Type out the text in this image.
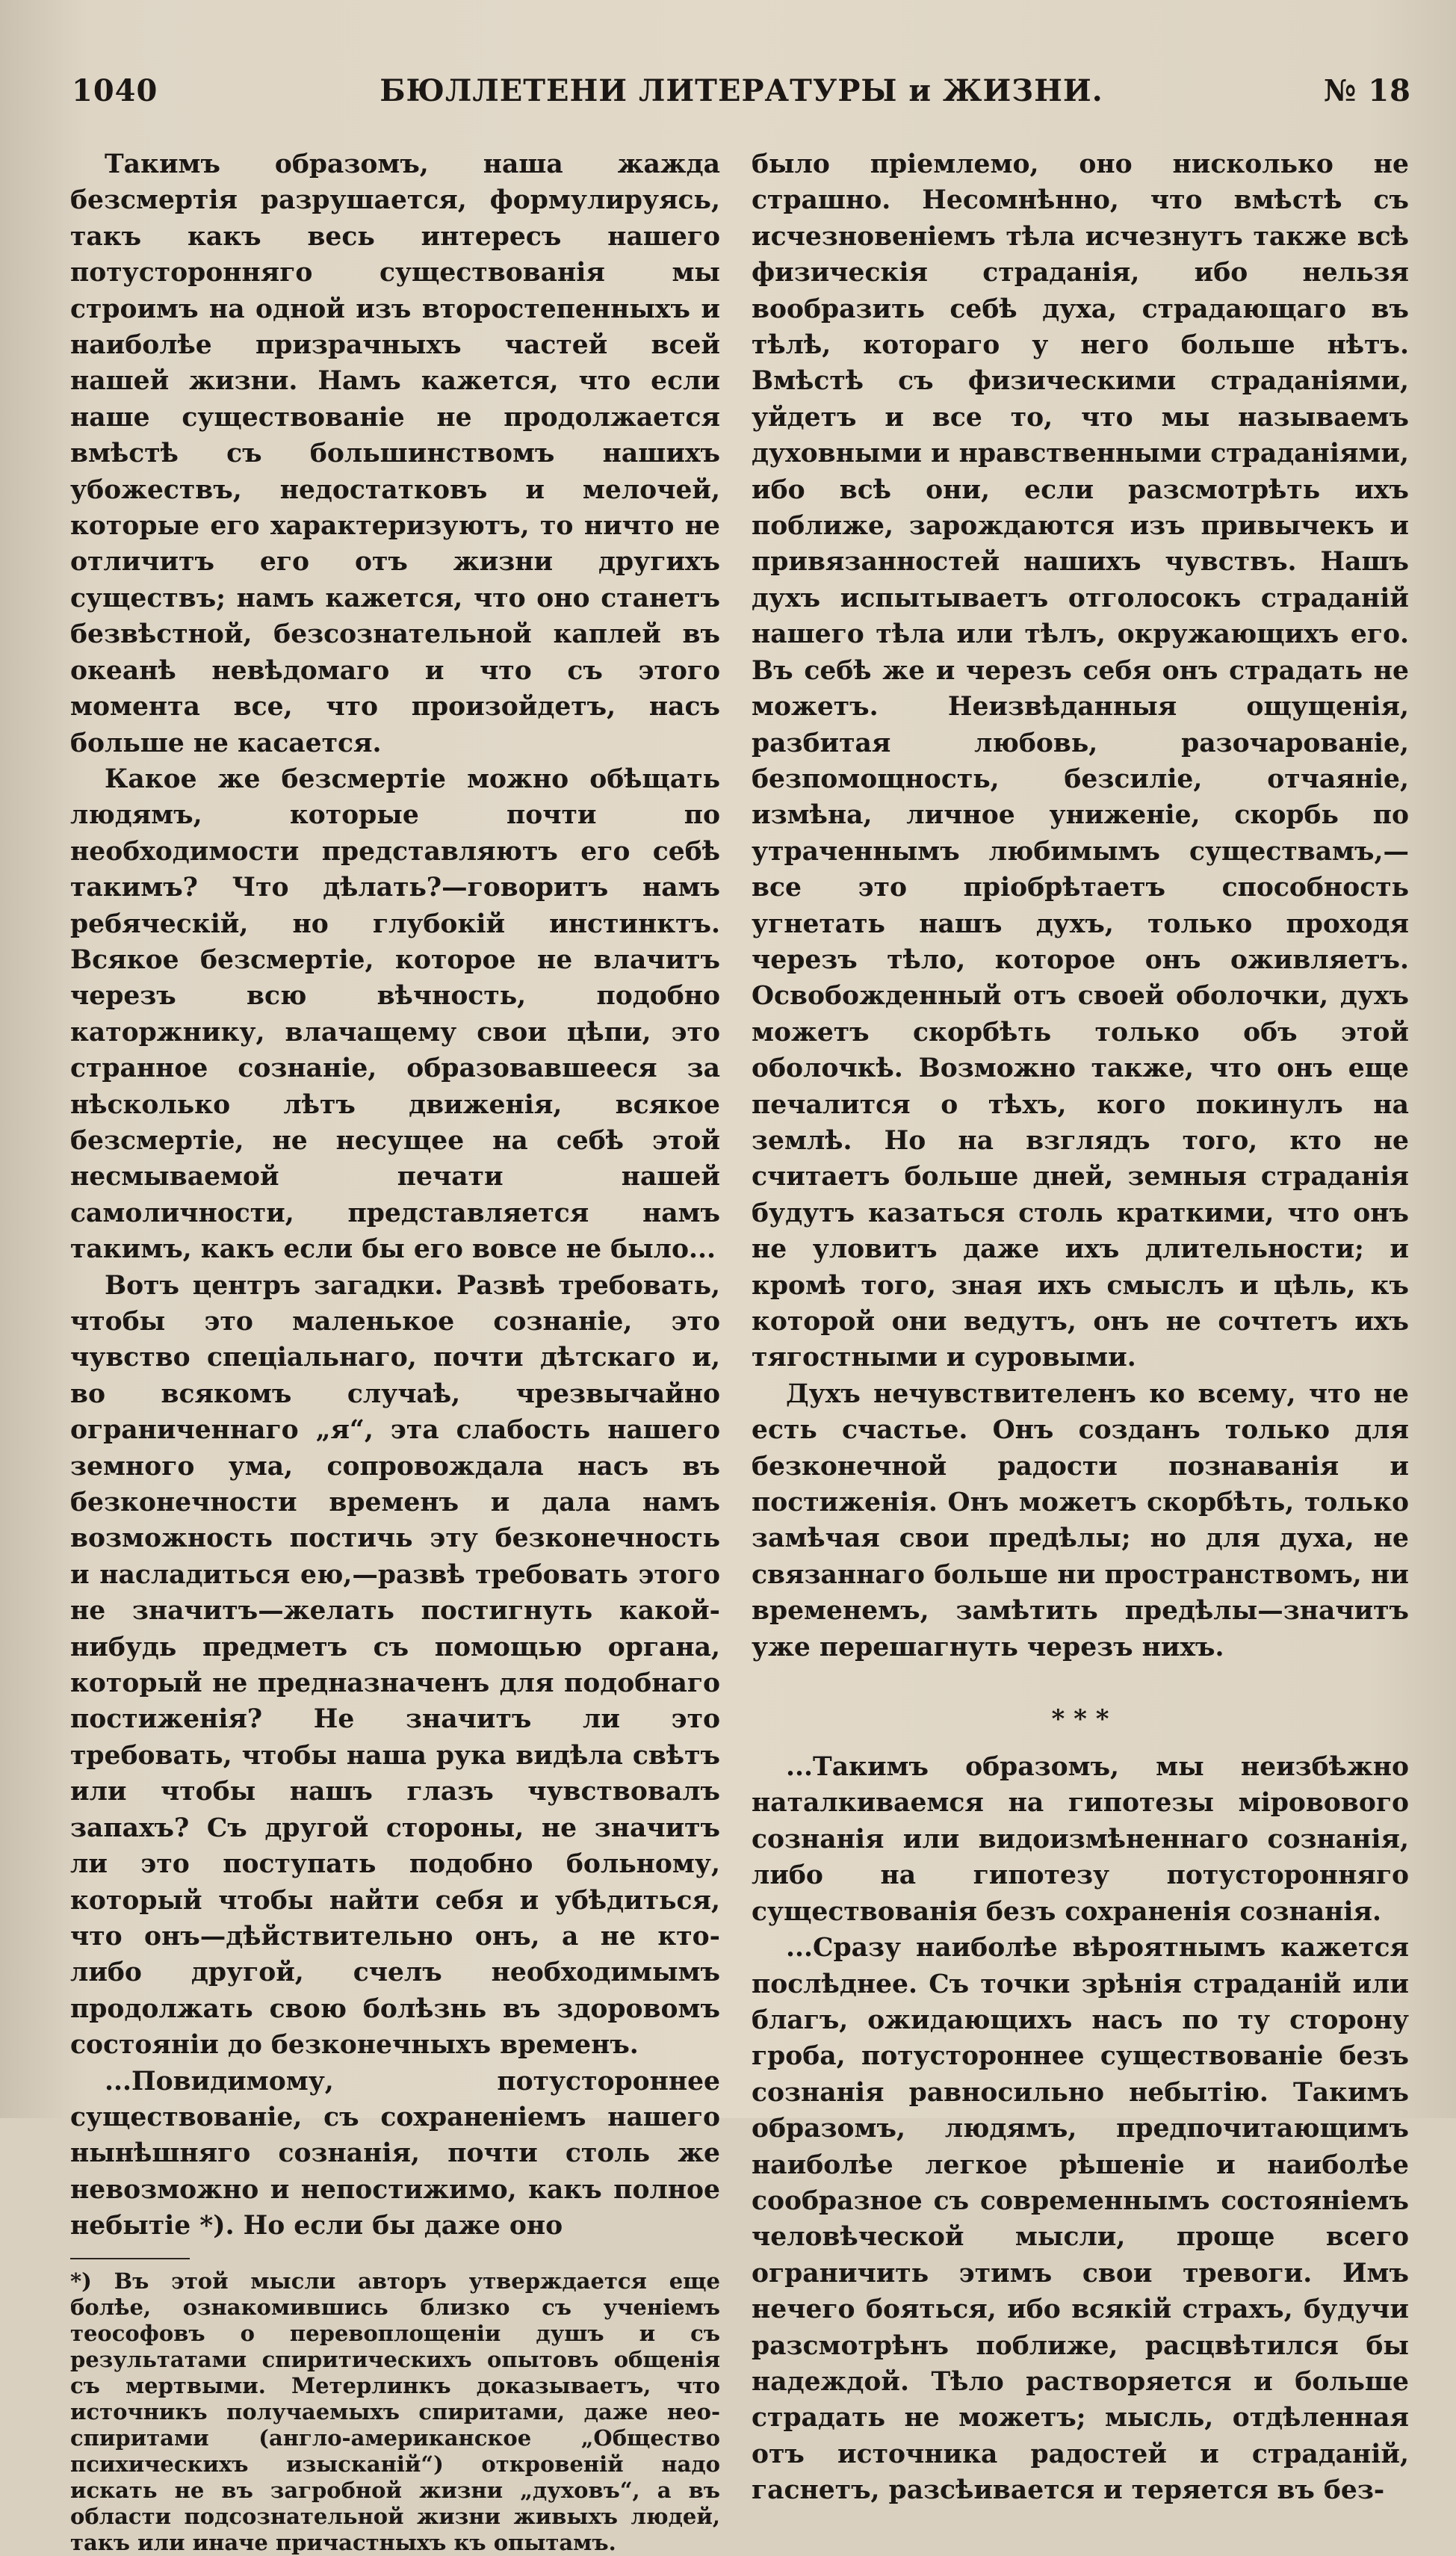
1040	БЮЛЛЕТЕНИ ЛИТЕРАТУРЫ и ЖИЗНИ.	№ 18

Такимъ образомъ, наша жажда безсмертія разрушается, формулируясь, такъ какъ весь интересъ нашего потусторонняго существованія мы строимъ на одной изъ второстепенныхъ и наиболѣе призрачныхъ частей всей нашей жизни. Намъ кажется, что если наше существованіе не продолжается вмѣстѣ съ большинствомъ нашихъ убожествъ, недостатковъ и мелочей, которые его характеризуютъ, то ничто не отличитъ его отъ жизни другихъ существъ; намъ кажется, что оно станетъ безвѣстной, безсознательной каплей въ океанѣ невѣдомаго и что съ этого момента все, что произойдетъ, насъ больше не касается.

Какое же безсмертіе можно обѣщать людямъ, которые почти по необходимости представляютъ его себѣ такимъ? Что дѣлать?—говоритъ намъ ребяческій, но глубокій инстинктъ. Всякое безсмертіе, которое не влачитъ черезъ всю вѣчность, подобно каторжнику, влачащему свои цѣпи, это странное сознаніе, образовавшееся за нѣсколько лѣтъ движенія, всякое безсмертіе, не несущее на себѣ этой несмываемой печати нашей самоличности, представляется намъ такимъ, какъ если бы его вовсе не было...

Вотъ центръ загадки. Развѣ требовать, чтобы это маленькое сознаніе, это чувство спеціальнаго, почти дѣтскаго и, во всякомъ случаѣ, чрезвычайно ограниченнаго „я“, эта слабость нашего земного ума, сопровождала насъ въ безконечности временъ и дала намъ возможность постичь эту безконечность и насладиться ею,—развѣ требовать этого не значитъ—желать постигнуть какой-нибудь предметъ съ помощью органа, который не предназначенъ для подобнаго постиженія? Не значитъ ли это требовать, чтобы наша рука видѣла свѣтъ или чтобы нашъ глазъ чувствовалъ запахъ? Съ другой стороны, не значитъ ли это поступать подобно больному, который чтобы найти себя и убѣдиться, что онъ—дѣйствительно онъ, а не кто-либо другой, счелъ необходимымъ продолжать свою болѣзнь въ здоровомъ состояніи до безконечныхъ временъ.

...Повидимому, потустороннее существованіе, съ сохраненіемъ нашего нынѣшняго сознанія, почти столь же невозможно и непостижимо, какъ полное небытіе *). Но если бы даже оно

*) Въ этой мысли авторъ утверждается еще болѣе, ознакомившись близко съ ученіемъ теософовъ о перевоплощеніи душъ и съ результатами спиритическихъ опытовъ общенія съ мертвыми. Метерлинкъ доказываетъ, что источникъ получаемыхъ спиритами, даже нео-спиритами (англо-американское „Общество психическихъ изысканій“) откровеній надо искать не въ загробной жизни „духовъ“, а въ области подсознательной жизни живыхъ людей, такъ или иначе причастныхъ къ опытамъ.

было пріемлемо, оно нисколько не страшно. Несомнѣнно, что вмѣстѣ съ исчезновеніемъ тѣла исчезнутъ также всѣ физическія страданія, ибо нельзя вообразить себѣ духа, страдающаго въ тѣлѣ, котораго у него больше нѣтъ. Вмѣстѣ съ физическими страданіями, уйдетъ и все то, что мы называемъ духовными и нравственными страданіями, ибо всѣ они, если разсмотрѣть ихъ поближе, зарождаются изъ привычекъ и привязанностей нашихъ чувствъ. Нашъ духъ испытываетъ отголосокъ страданій нашего тѣла или тѣлъ, окружающихъ его. Въ себѣ же и черезъ себя онъ страдать не можетъ. Неизвѣданныя ощущенія, разбитая любовь, разочарованіе, безпомощность, безсиліе, отчаяніе, измѣна, личное униженіе, скорбь по утраченнымъ любимымъ существамъ,—все это пріобрѣтаетъ способность угнетать нашъ духъ, только проходя черезъ тѣло, которое онъ оживляетъ. Освобожденный отъ своей оболочки, духъ можетъ скорбѣть только объ этой оболочкѣ. Возможно также, что онъ еще печалится о тѣхъ, кого покинулъ на землѣ. Но на взглядъ того, кто не считаетъ больше дней, земныя страданія будутъ казаться столь краткими, что онъ не уловитъ даже ихъ длительности; и кромѣ того, зная ихъ смыслъ и цѣль, къ которой они ведутъ, онъ не сочтетъ ихъ тягостными и суровыми.

Духъ нечувствителенъ ко всему, что не есть счастье. Онъ созданъ только для безконечной радости познаванія и постиженія. Онъ можетъ скорбѣть, только замѣчая свои предѣлы; но для духа, не связаннаго больше ни пространствомъ, ни временемъ, замѣтить предѣлы—значитъ уже перешагнуть черезъ нихъ.

* * *

...Такимъ образомъ, мы неизбѣжно наталкиваемся на гипотезы міровового сознанія или видоизмѣненнаго сознанія, либо на гипотезу потусторонняго существованія безъ сохраненія сознанія.

...Сразу наиболѣе вѣроятнымъ кажется послѣднее. Съ точки зрѣнія страданій или благъ, ожидающихъ насъ по ту сторону гроба, потустороннее существованіе безъ сознанія равносильно небытію. Такимъ образомъ, людямъ, предпочитающимъ наиболѣе легкое рѣшеніе и наиболѣе сообразное съ современнымъ состояніемъ человѣческой мысли, проще всего ограничить этимъ свои тревоги. Имъ нечего бояться, ибо всякій страхъ, будучи разсмотрѣнъ поближе, расцвѣтился бы надеждой. Тѣло растворяется и больше страдать не можетъ; мысль, отдѣленная отъ источника радостей и страданій, гаснетъ, разсѣивается и теряется въ без-
